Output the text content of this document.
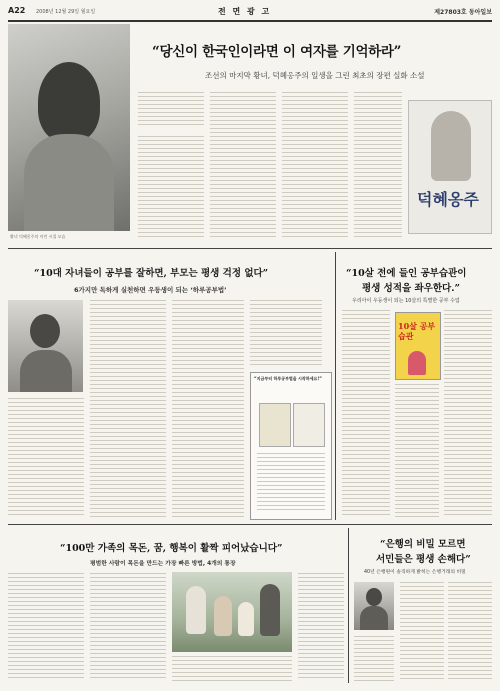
A22 2008년 12월 29일 월요일	전 면 광 고	제27803호 동아일보
황녀 덕혜옹주의 어린 시절 모습
“당신이 한국인이라면 이 여자를 기억하라”
조선의 마지막 황녀, 덕혜옹주의 일생을 그린 최초의 장편 실화 소설
덕혜옹주
“10대 자녀들이 공부를 잘하면, 부모는 평생 걱정 없다”
6가지만 독하게 실천하면 우등생이 되는 ‘하루공부법’
“지금부터 하루공부법을 시작하세요!”
“10살 전에 들인 공부습관이
평생 성적을 좌우한다.”
우리아이 우등생이 되는 10살의 특별한 공부 수업
10살 공부습관
“100만 가족의 목돈, 꿈, 행복이 활짝 피어났습니다”
평범한 사람이 목돈을 만드는 가장 빠른 방법, 4개의 통장
“은행의 비밀 모르면
서민들은 평생 손해다”
40년 은행원이 솔직하게 밝히는 은행거래의 비밀
